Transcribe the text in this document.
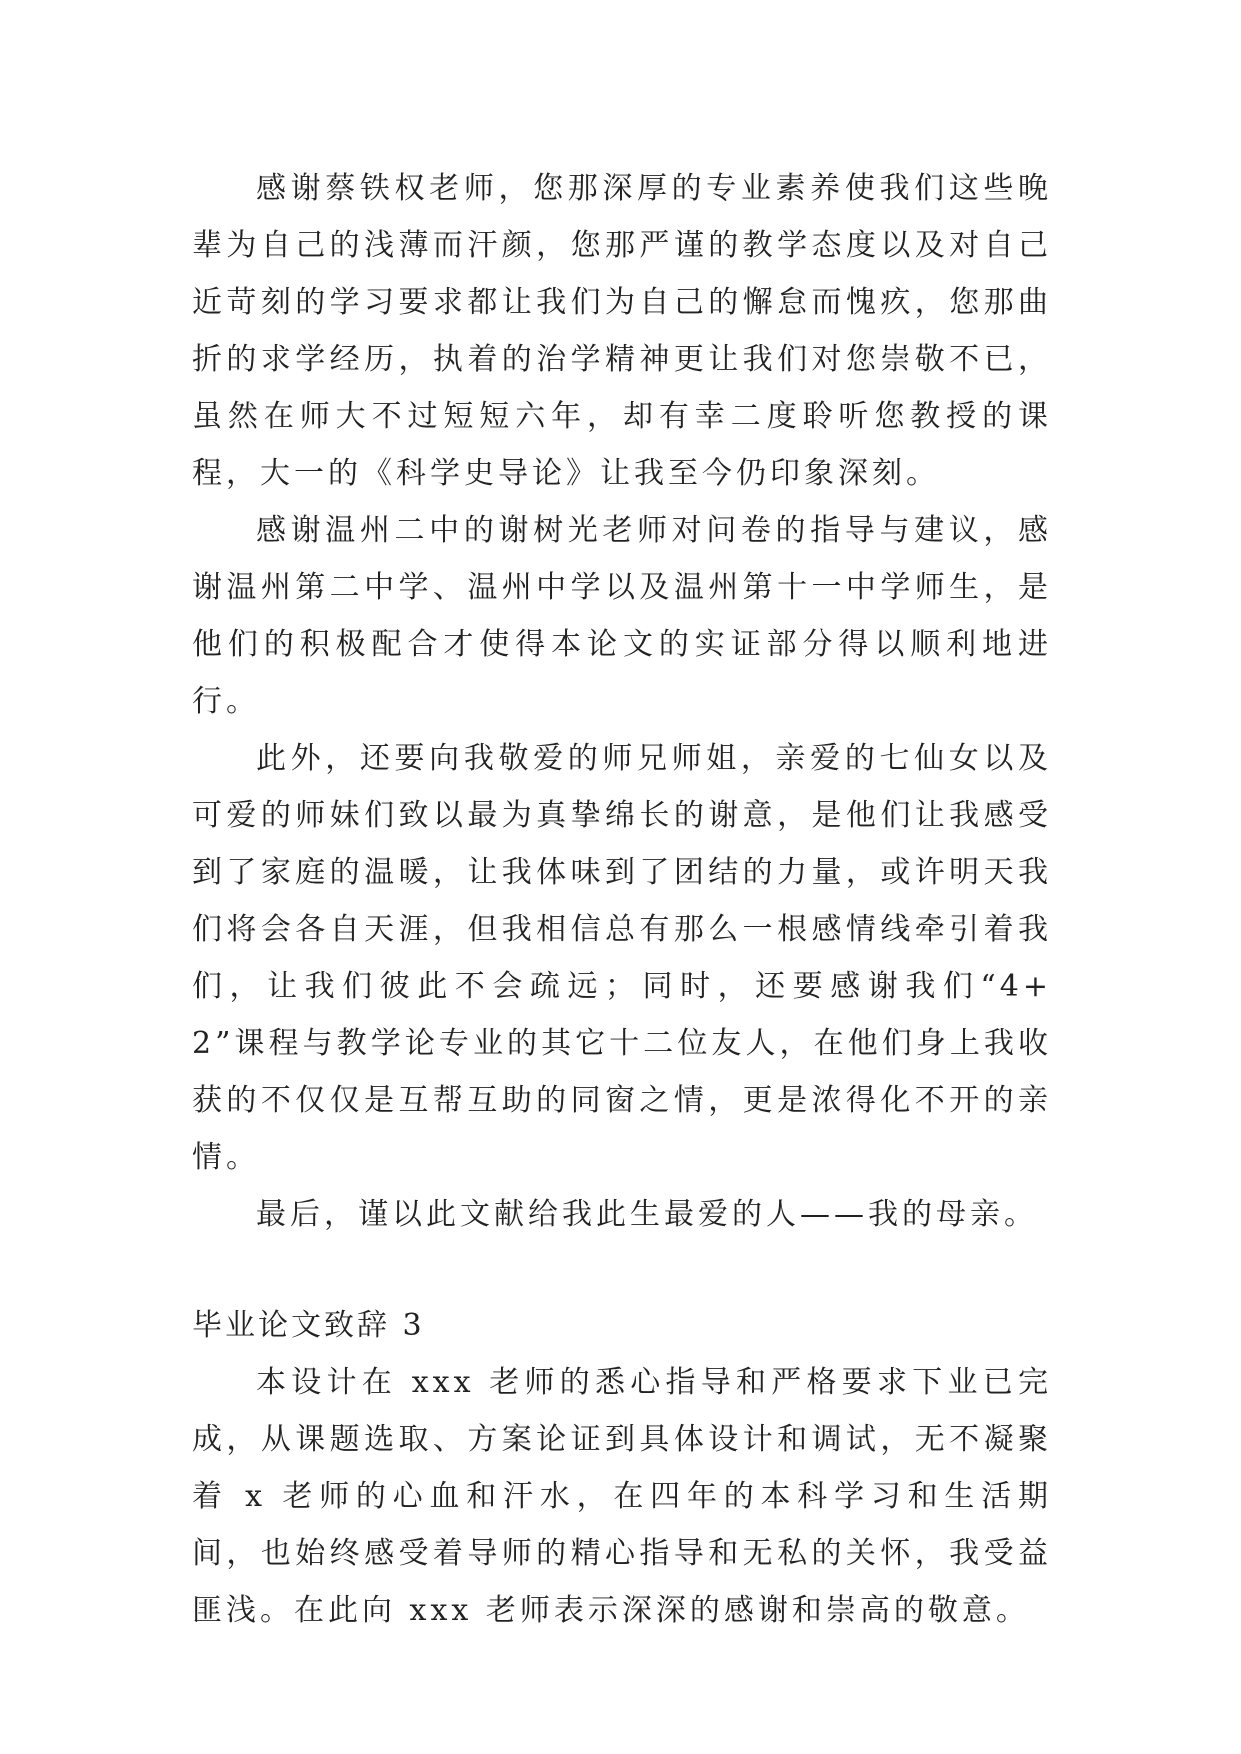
感谢蔡铁权老师，您那深厚的专业素养使我们这些晚辈为自己的浅薄而汗颜，您那严谨的教学态度以及对自己近苛刻的学习要求都让我们为自己的懈怠而愧疚，您那曲折的求学经历，执着的治学精神更让我们对您崇敬不已，虽然在师大不过短短六年，却有幸二度聆听您教授的课程，大一的《科学史导论》让我至今仍印象深刻。

感谢温州二中的谢树光老师对问卷的指导与建议，感谢温州第二中学、温州中学以及温州第十一中学师生，是他们的积极配合才使得本论文的实证部分得以顺利地进行。

此外，还要向我敬爱的师兄师姐，亲爱的七仙女以及可爱的师妹们致以最为真挚绵长的谢意，是他们让我感受到了家庭的温暖，让我体味到了团结的力量，或许明天我们将会各自天涯，但我相信总有那么一根感情线牵引着我们，让我们彼此不会疏远；同时，还要感谢我们“4+2”课程与教学论专业的其它十二位友人，在他们身上我收获的不仅仅是互帮互助的同窗之情，更是浓得化不开的亲情。

最后，谨以此文献给我此生最爱的人——我的母亲。

毕业论文致辞 3

本设计在 xxx 老师的悉心指导和严格要求下业已完成，从课题选取、方案论证到具体设计和调试，无不凝聚着 x 老师的心血和汗水，在四年的本科学习和生活期间，也始终感受着导师的精心指导和无私的关怀，我受益匪浅。在此向 xxx 老师表示深深的感谢和崇高的敬意。
